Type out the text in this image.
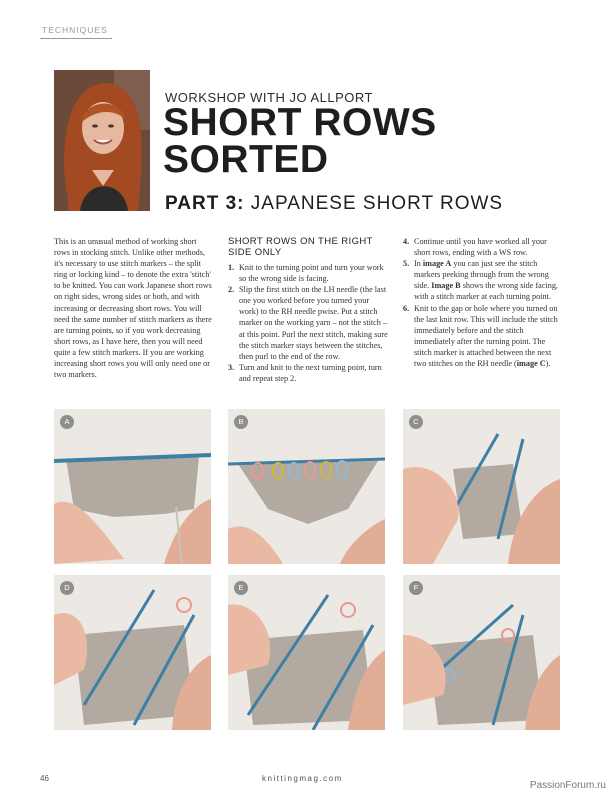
TECHNIQUES
WORKSHOP WITH JO ALLPORT
SHORT ROWS
SORTED
PART 3: JAPANESE SHORT ROWS
This is an unusual method of working short rows in stocking stitch. Unlike other methods, it's necessary to use stitch markers – the split ring or locking kind – to denote the extra 'stitch' to be knitted. You can work Japanese short rows on right sides, wrong sides or both, and with increasing or decreasing short rows. You will need the same number of stitch markers as there are turning points, so if you work decreasing short rows, as I have here, then you will need quite a few stitch markers. If you are working increasing short rows you will only need one or two markers.
SHORT ROWS ON THE RIGHT SIDE ONLY
1. Knit to the turning point and turn your work so the wrong side is facing.
2. Slip the first stitch on the LH needle (the last one you worked before you turned your work) to the RH needle pwise. Put a stitch marker on the working yarn – not the stitch – at this point. Purl the next stitch, making sure the stitch marker stays between the stitches, then purl to the end of the row.
3. Turn and knit to the next turning point, turn and repeat step 2.
4. Continue until you have worked all your short rows, ending with a WS row.
5. In image A you can just see the stitch markers peeking through from the wrong side. Image B shows the wrong side facing, with a stitch marker at each turning point.
6. Knit to the gap or hole where you turned on the last knit row. This will include the stitch immediately before and the stitch immediately after the turning point. The stitch marker is attached between the next two stitches on the RH needle (image C).
A	B	C
D	E	F
46	knittingmag.com
PassionForum.ru
